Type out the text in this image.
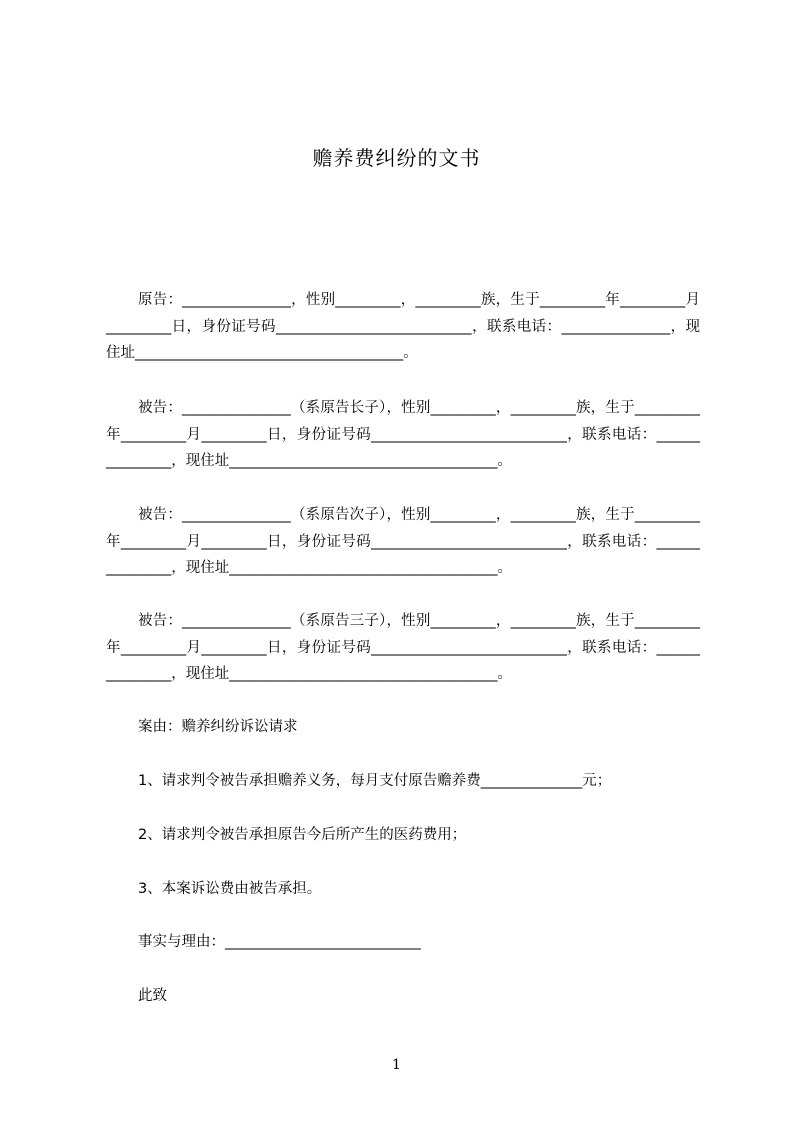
赡养费纠纷的文书
原告：_______________，性别_________，_________族，生于_________年_________月_________日，身份证号码___________________________，联系电话：_______________，现住址_____________________________________。
被告：_______________（系原告长子），性别_________，_________族，生于_________年_________月_________日，身份证号码___________________________，联系电话：_______________，现住址_____________________________________。
被告：_______________（系原告次子），性别_________，_________族，生于_________年_________月_________日，身份证号码___________________________，联系电话：_______________，现住址_____________________________________。
被告：_______________（系原告三子），性别_________，_________族，生于_________年_________月_________日，身份证号码___________________________，联系电话：_______________，现住址_____________________________________。
案由：赡养纠纷诉讼请求
1、请求判令被告承担赡养义务，每月支付原告赡养费______________元；
2、请求判令被告承担原告今后所产生的医药费用；
3、本案诉讼费由被告承担。
事实与理由：___________________________
此致
1
